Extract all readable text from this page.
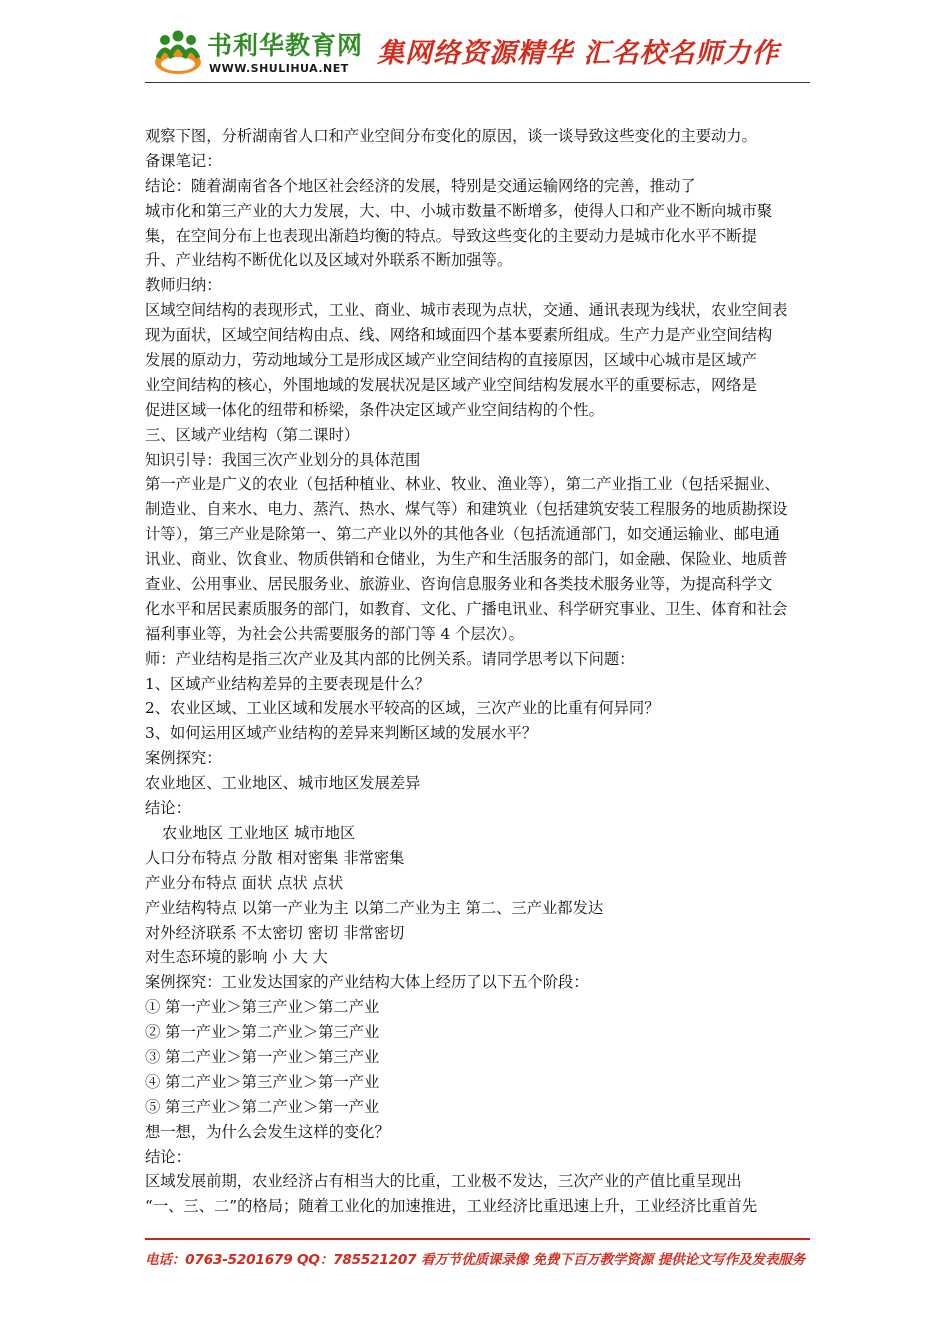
书利华教育网
WWW.SHULIHUA.NET 集网络资源精华 汇名校名师力作
观察下图，分析湖南省人口和产业空间分布变化的原因，谈一谈导致这些变化的主要动力。
备课笔记：
结论：随着湖南省各个地区社会经济的发展，特别是交通运输网络的完善，推动了
城市化和第三产业的大力发展，大、中、小城市数量不断增多，使得人口和产业不断向城市聚
集，在空间分布上也表现出渐趋均衡的特点。导致这些变化的主要动力是城市化水平不断提
升、产业结构不断优化以及区域对外联系不断加强等。
教师归纳：
区域空间结构的表现形式，工业、商业、城市表现为点状，交通、通讯表现为线状，农业空间表
现为面状，区域空间结构由点、线、网络和域面四个基本要素所组成。生产力是产业空间结构
发展的原动力，劳动地域分工是形成区域产业空间结构的直接原因，区域中心城市是区域产
业空间结构的核心，外围地域的发展状况是区域产业空间结构发展水平的重要标志，网络是
促进区域一体化的纽带和桥梁，条件决定区域产业空间结构的个性。
三、区域产业结构（第二课时）
知识引导：我国三次产业划分的具体范围
第一产业是广义的农业（包括种植业、林业、牧业、渔业等），第二产业指工业（包括采掘业、
制造业、自来水、电力、蒸汽、热水、煤气等）和建筑业（包括建筑安装工程服务的地质勘探设
计等），第三产业是除第一、第二产业以外的其他各业（包括流通部门，如交通运输业、邮电通
讯业、商业、饮食业、物质供销和仓储业，为生产和生活服务的部门，如金融、保险业、地质普
查业、公用事业、居民服务业、旅游业、咨询信息服务业和各类技术服务业等，为提高科学文
化水平和居民素质服务的部门，如教育、文化、广播电讯业、科学研究事业、卫生、体育和社会
福利事业等，为社会公共需要服务的部门等 4 个层次）。
师：产业结构是指三次产业及其内部的比例关系。请同学思考以下问题：
1、区域产业结构差异的主要表现是什么？
2、农业区域、工业区域和发展水平较高的区域，三次产业的比重有何异同？
3、如何运用区域产业结构的差异来判断区域的发展水平？
案例探究：
农业地区、工业地区、城市地区发展差异
结论：
农业地区 工业地区 城市地区
人口分布特点 分散 相对密集 非常密集
产业分布特点 面状 点状 点状
产业结构特点 以第一产业为主 以第二产业为主 第二、三产业都发达
对外经济联系 不太密切 密切 非常密切
对生态环境的影响 小 大 大
案例探究：工业发达国家的产业结构大体上经历了以下五个阶段：
① 第一产业＞第三产业＞第二产业
② 第一产业＞第二产业＞第三产业
③ 第二产业＞第一产业＞第三产业
④ 第二产业＞第三产业＞第一产业
⑤ 第三产业＞第二产业＞第一产业
想一想，为什么会发生这样的变化？
结论：
区域发展前期，农业经济占有相当大的比重，工业极不发达，三次产业的产值比重呈现出
“一、三、二”的格局；随着工业化的加速推进，工业经济比重迅速上升，工业经济比重首先
电话：0763-5201679 QQ：785521207 看万节优质课录像 免费下百万教学资源 提供论文写作及发表服务
